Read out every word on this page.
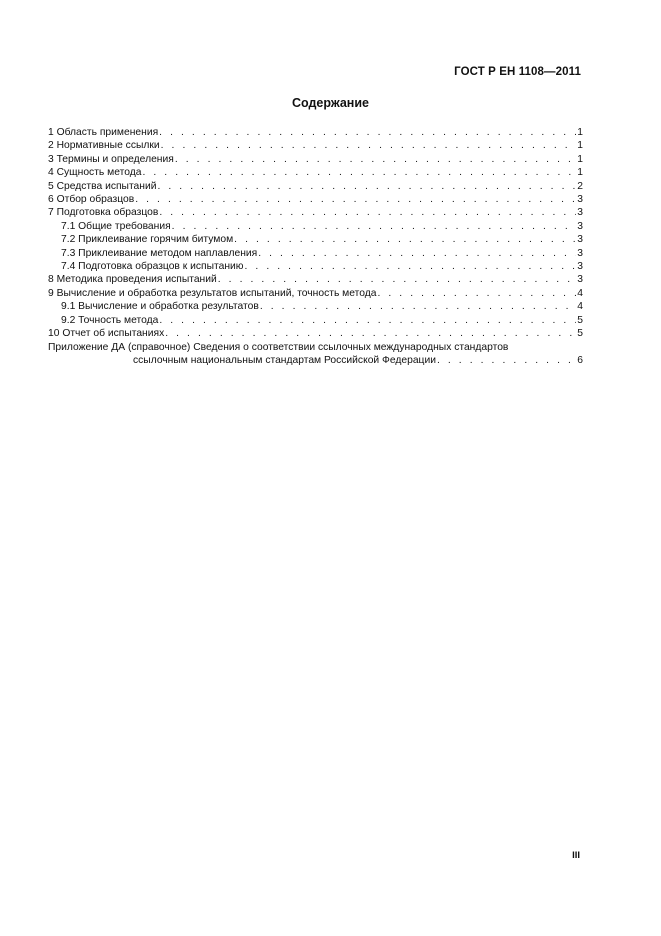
ГОСТ Р ЕН 1108—2011
Содержание
1 Область применения . . .	1
2 Нормативные ссылки . . .	1
3 Термины и определения . . .	1
4 Сущность метода . . .	1
5 Средства испытаний . . .	2
6 Отбор образцов . . .	3
7 Подготовка образцов . . .	3
7.1 Общие требования . . .	3
7.2 Приклеивание горячим битумом . . .	3
7.3 Приклеивание методом наплавления . . .	3
7.4 Подготовка образцов к испытанию . . .	3
8 Методика проведения испытаний . . .	3
9 Вычисление и обработка результатов испытаний, точность метода . . .	4
9.1 Вычисление и обработка результатов . . .	4
9.2 Точность метода . . .	5
10 Отчет об испытаниях . . .	5
Приложение ДА (справочное) Сведения о соответствии ссылочных международных стандартов
ссылочным национальным стандартам Российской Федерации . . .	6
III
